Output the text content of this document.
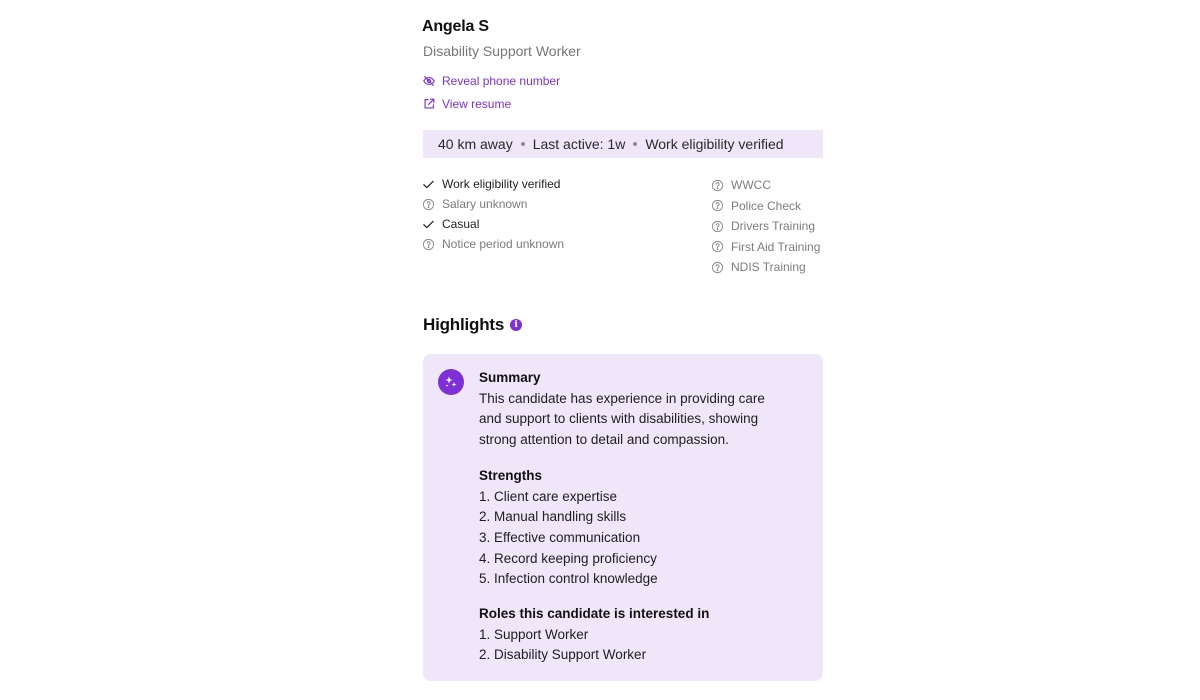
Angela S
Disability Support Worker
Reveal phone number
View resume
40 km away Last active: 1w Work eligibility verified
Work eligibility verified
Salary unknown
Casual
Notice period unknown
WWCC
Police Check
Drivers Training
First Aid Training
NDIS Training
Highlights	i
Summary
This candidate has experience in providing care
and support to clients with disabilities, showing
strong attention to detail and compassion.
Strengths
1. Client care expertise
2. Manual handling skills
3. Effective communication
4. Record keeping proficiency
5. Infection control knowledge
Roles this candidate is interested in
1. Support Worker
2. Disability Support Worker
